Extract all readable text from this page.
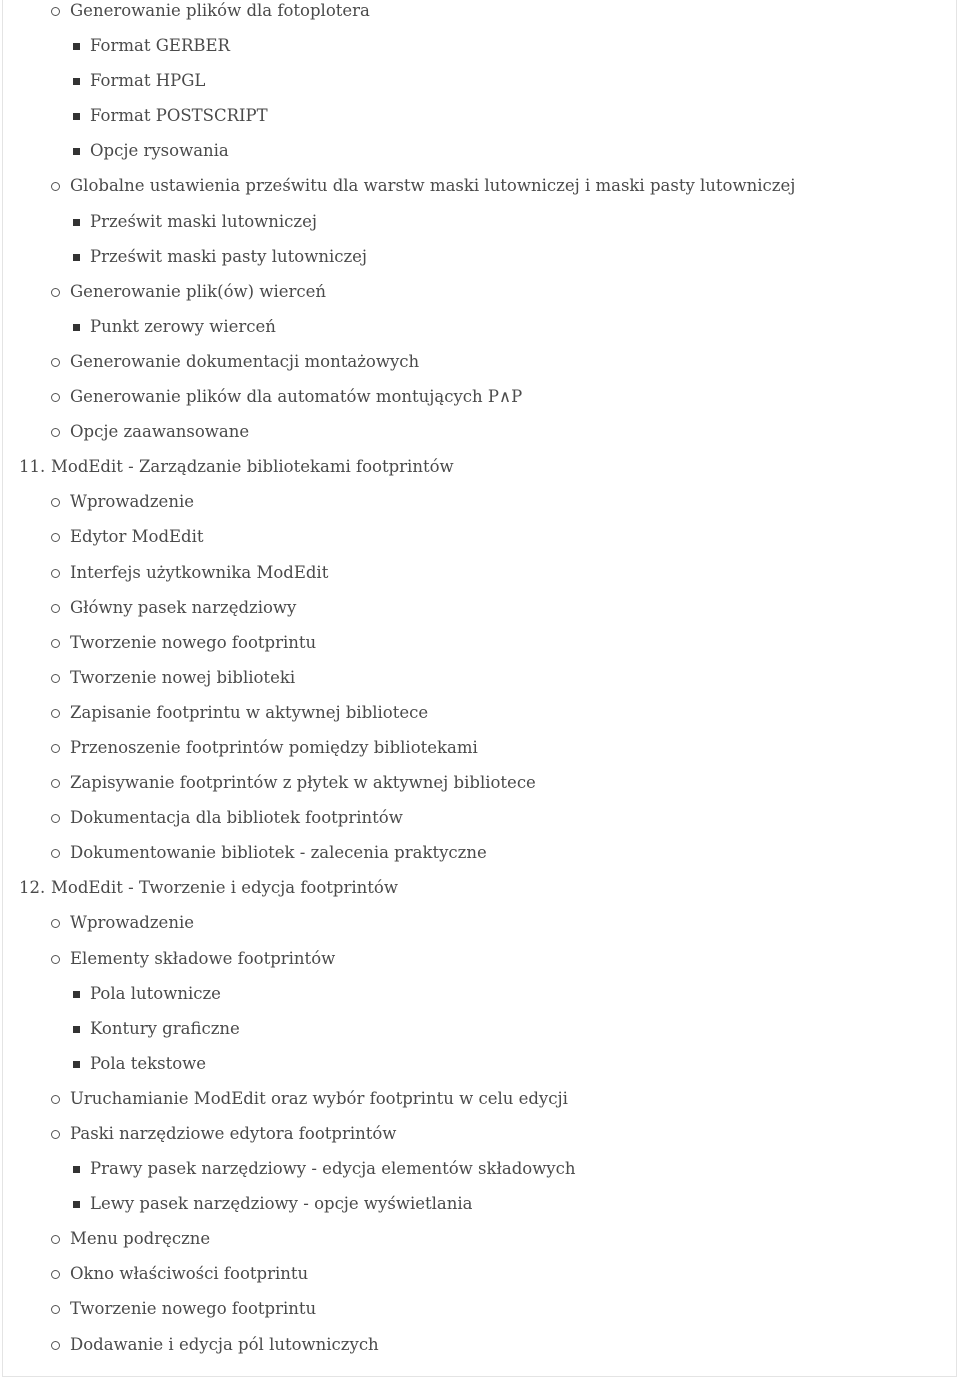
Generowanie plików dla fotoplotera
Format GERBER
Format HPGL
Format POSTSCRIPT
Opcje rysowania
Globalne ustawienia prześwitu dla warstw maski lutowniczej i maski pasty lutowniczej
Prześwit maski lutowniczej
Prześwit maski pasty lutowniczej
Generowanie plik(ów) wierceń
Punkt zerowy wierceń
Generowanie dokumentacji montażowych
Generowanie plików dla automatów montujących P∧P
Opcje zaawansowane
11. ModEdit - Zarządzanie bibliotekami footprintów
Wprowadzenie
Edytor ModEdit
Interfejs użytkownika ModEdit
Główny pasek narzędziowy
Tworzenie nowego footprintu
Tworzenie nowej biblioteki
Zapisanie footprintu w aktywnej bibliotece
Przenoszenie footprintów pomiędzy bibliotekami
Zapisywanie footprintów z płytek w aktywnej bibliotece
Dokumentacja dla bibliotek footprintów
Dokumentowanie bibliotek - zalecenia praktyczne
12. ModEdit - Tworzenie i edycja footprintów
Wprowadzenie
Elementy składowe footprintów
Pola lutownicze
Kontury graficzne
Pola tekstowe
Uruchamianie ModEdit oraz wybór footprintu w celu edycji
Paski narzędziowe edytora footprintów
Prawy pasek narzędziowy - edycja elementów składowych
Lewy pasek narzędziowy - opcje wyświetlania
Menu podręczne
Okno właściwości footprintu
Tworzenie nowego footprintu
Dodawanie i edycja pól lutowniczych
